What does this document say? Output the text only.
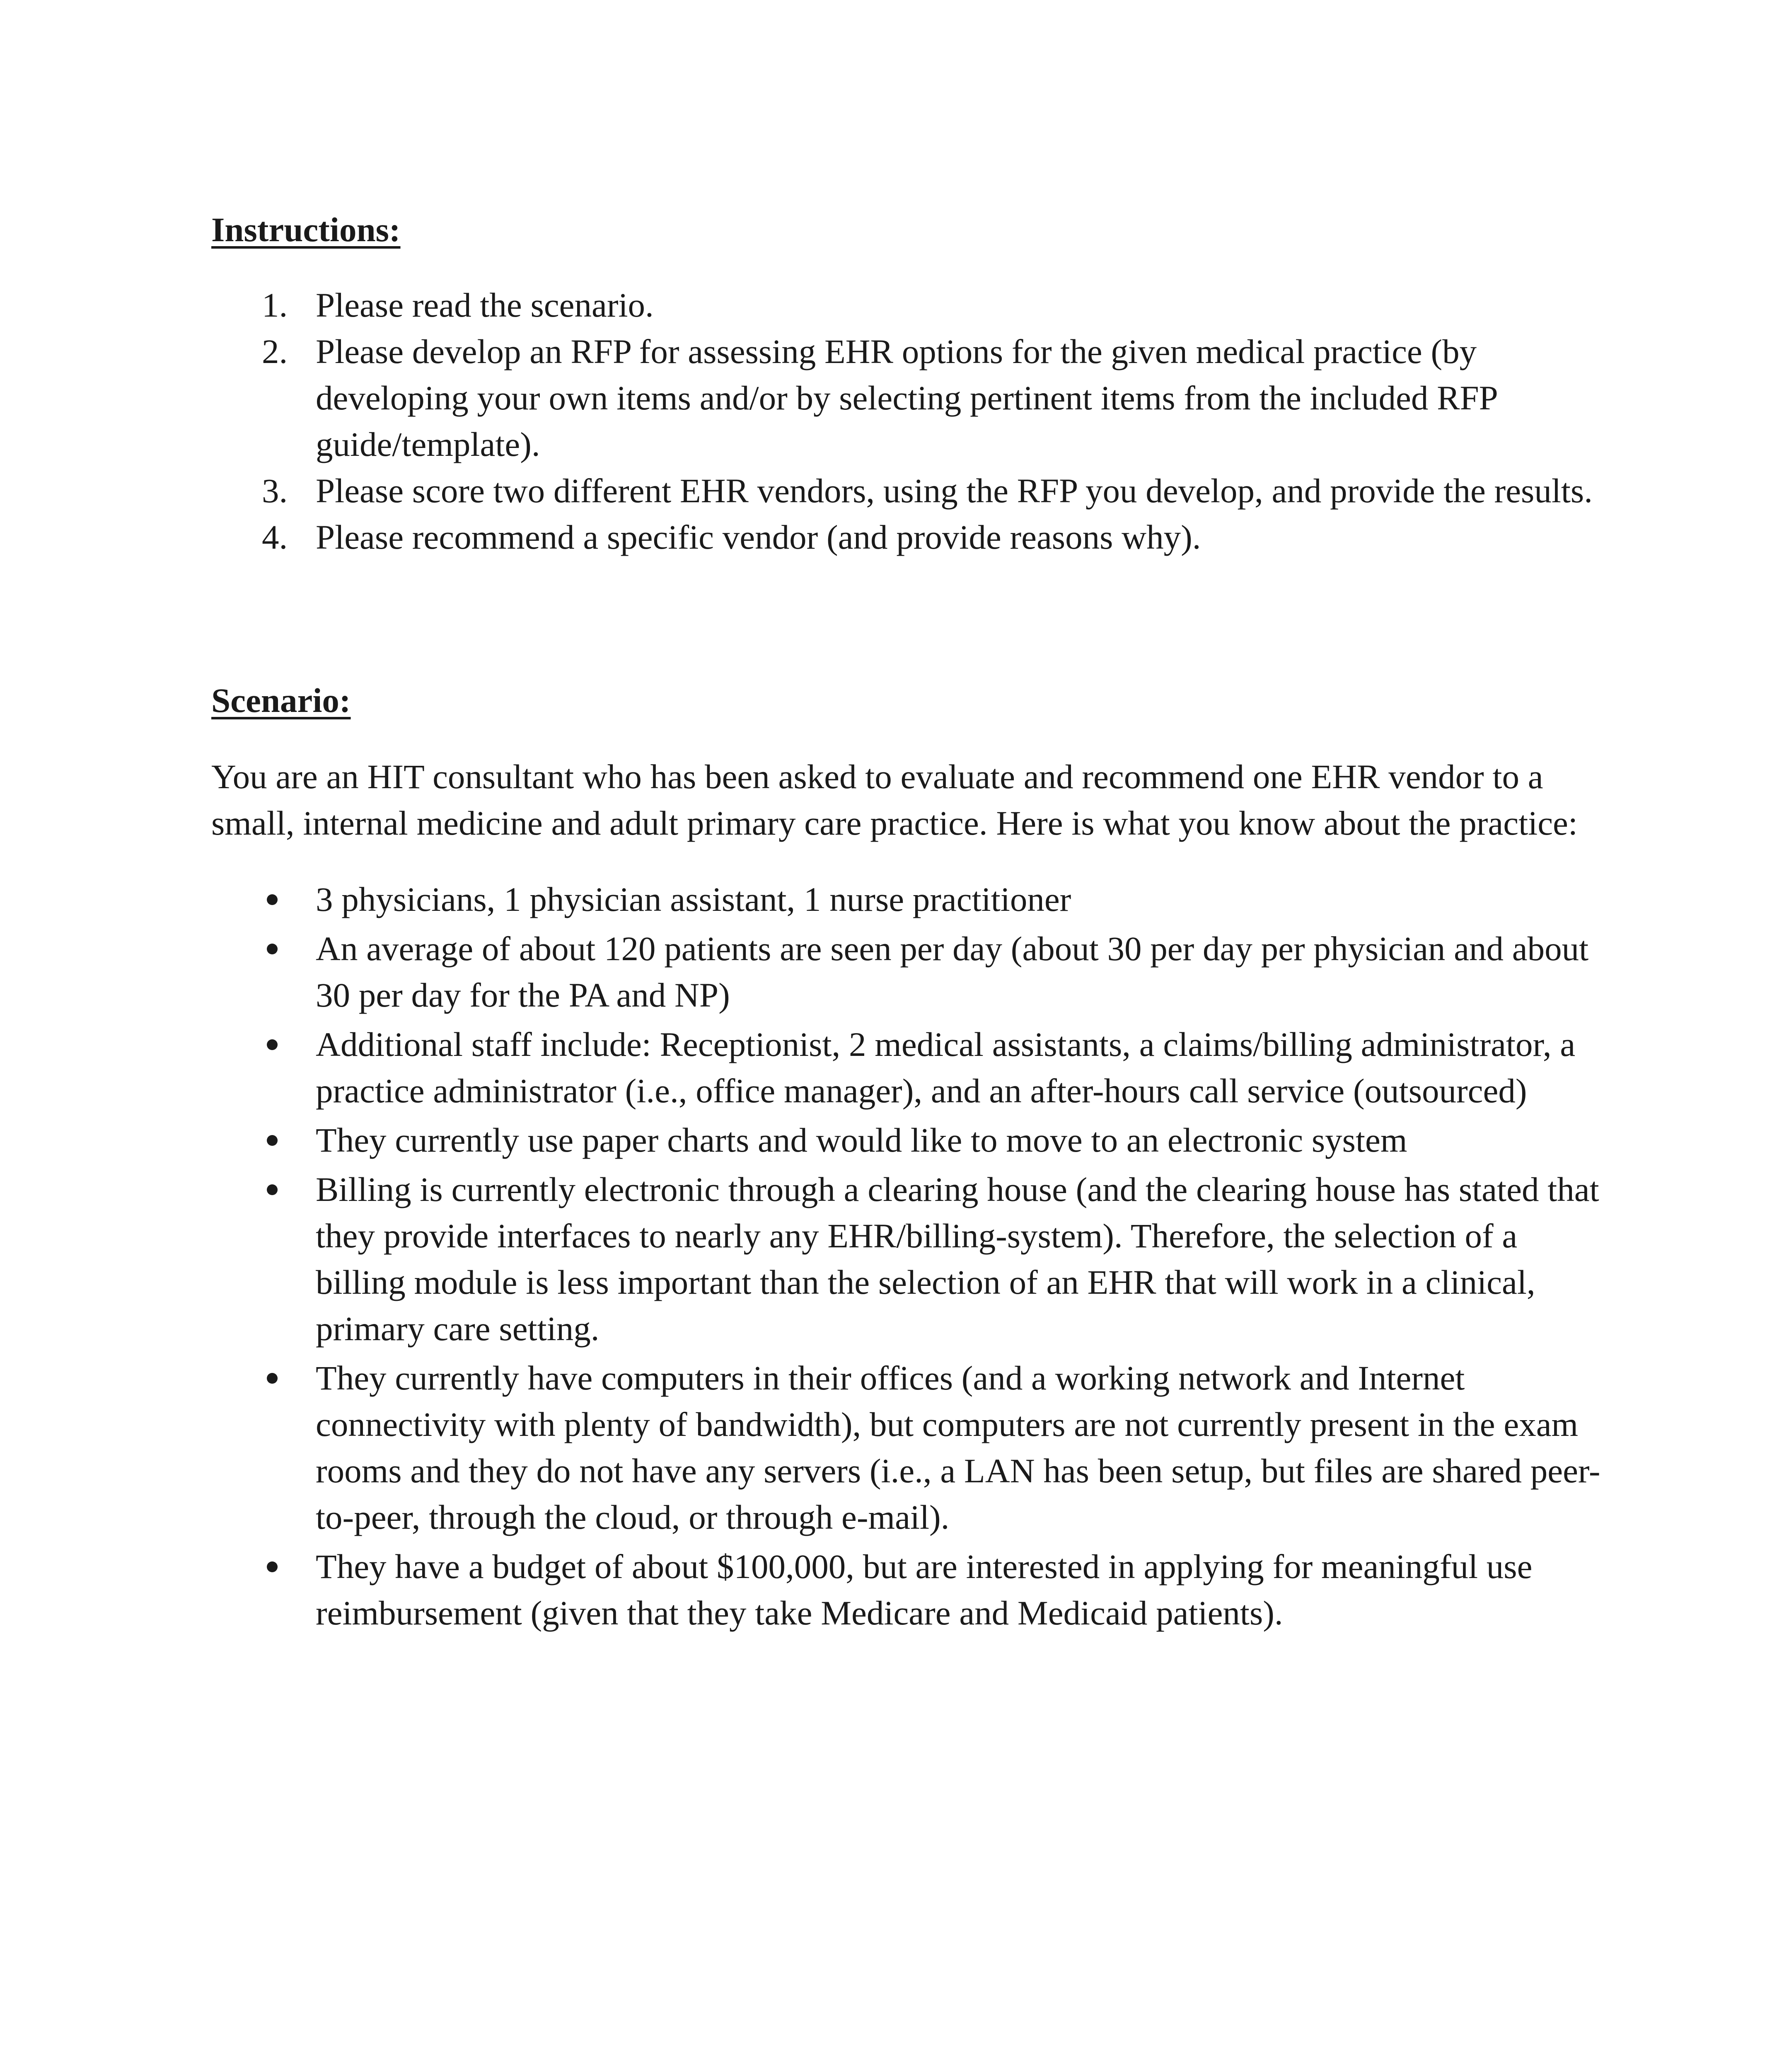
Instructions:
1. Please read the scenario.
2. Please develop an RFP for assessing EHR options for the given medical practice (by developing your own items and/or by selecting pertinent items from the included RFP guide/template).
3. Please score two different EHR vendors, using the RFP you develop, and provide the results.
4. Please recommend a specific vendor (and provide reasons why).
Scenario:

You are an HIT consultant who has been asked to evaluate and recommend one EHR vendor to a small, internal medicine and adult primary care practice. Here is what you know about the practice:

3 physicians, 1 physician assistant, 1 nurse practitioner
An average of about 120 patients are seen per day (about 30 per day per physician and about 30 per day for the PA and NP)
Additional staff include: Receptionist, 2 medical assistants, a claims/billing administrator, a practice administrator (i.e., office manager), and an after-hours call service (outsourced)
They currently use paper charts and would like to move to an electronic system
Billing is currently electronic through a clearing house (and the clearing house has stated that they provide interfaces to nearly any EHR/billing-system). Therefore, the selection of a billing module is less important than the selection of an EHR that will work in a clinical, primary care setting.
They currently have computers in their offices (and a working network and Internet connectivity with plenty of bandwidth), but computers are not currently present in the exam rooms and they do not have any servers (i.e., a LAN has been setup, but files are shared peer-to-peer, through the cloud, or through e-mail).
They have a budget of about $100,000, but are interested in applying for meaningful use reimbursement (given that they take Medicare and Medicaid patients).
